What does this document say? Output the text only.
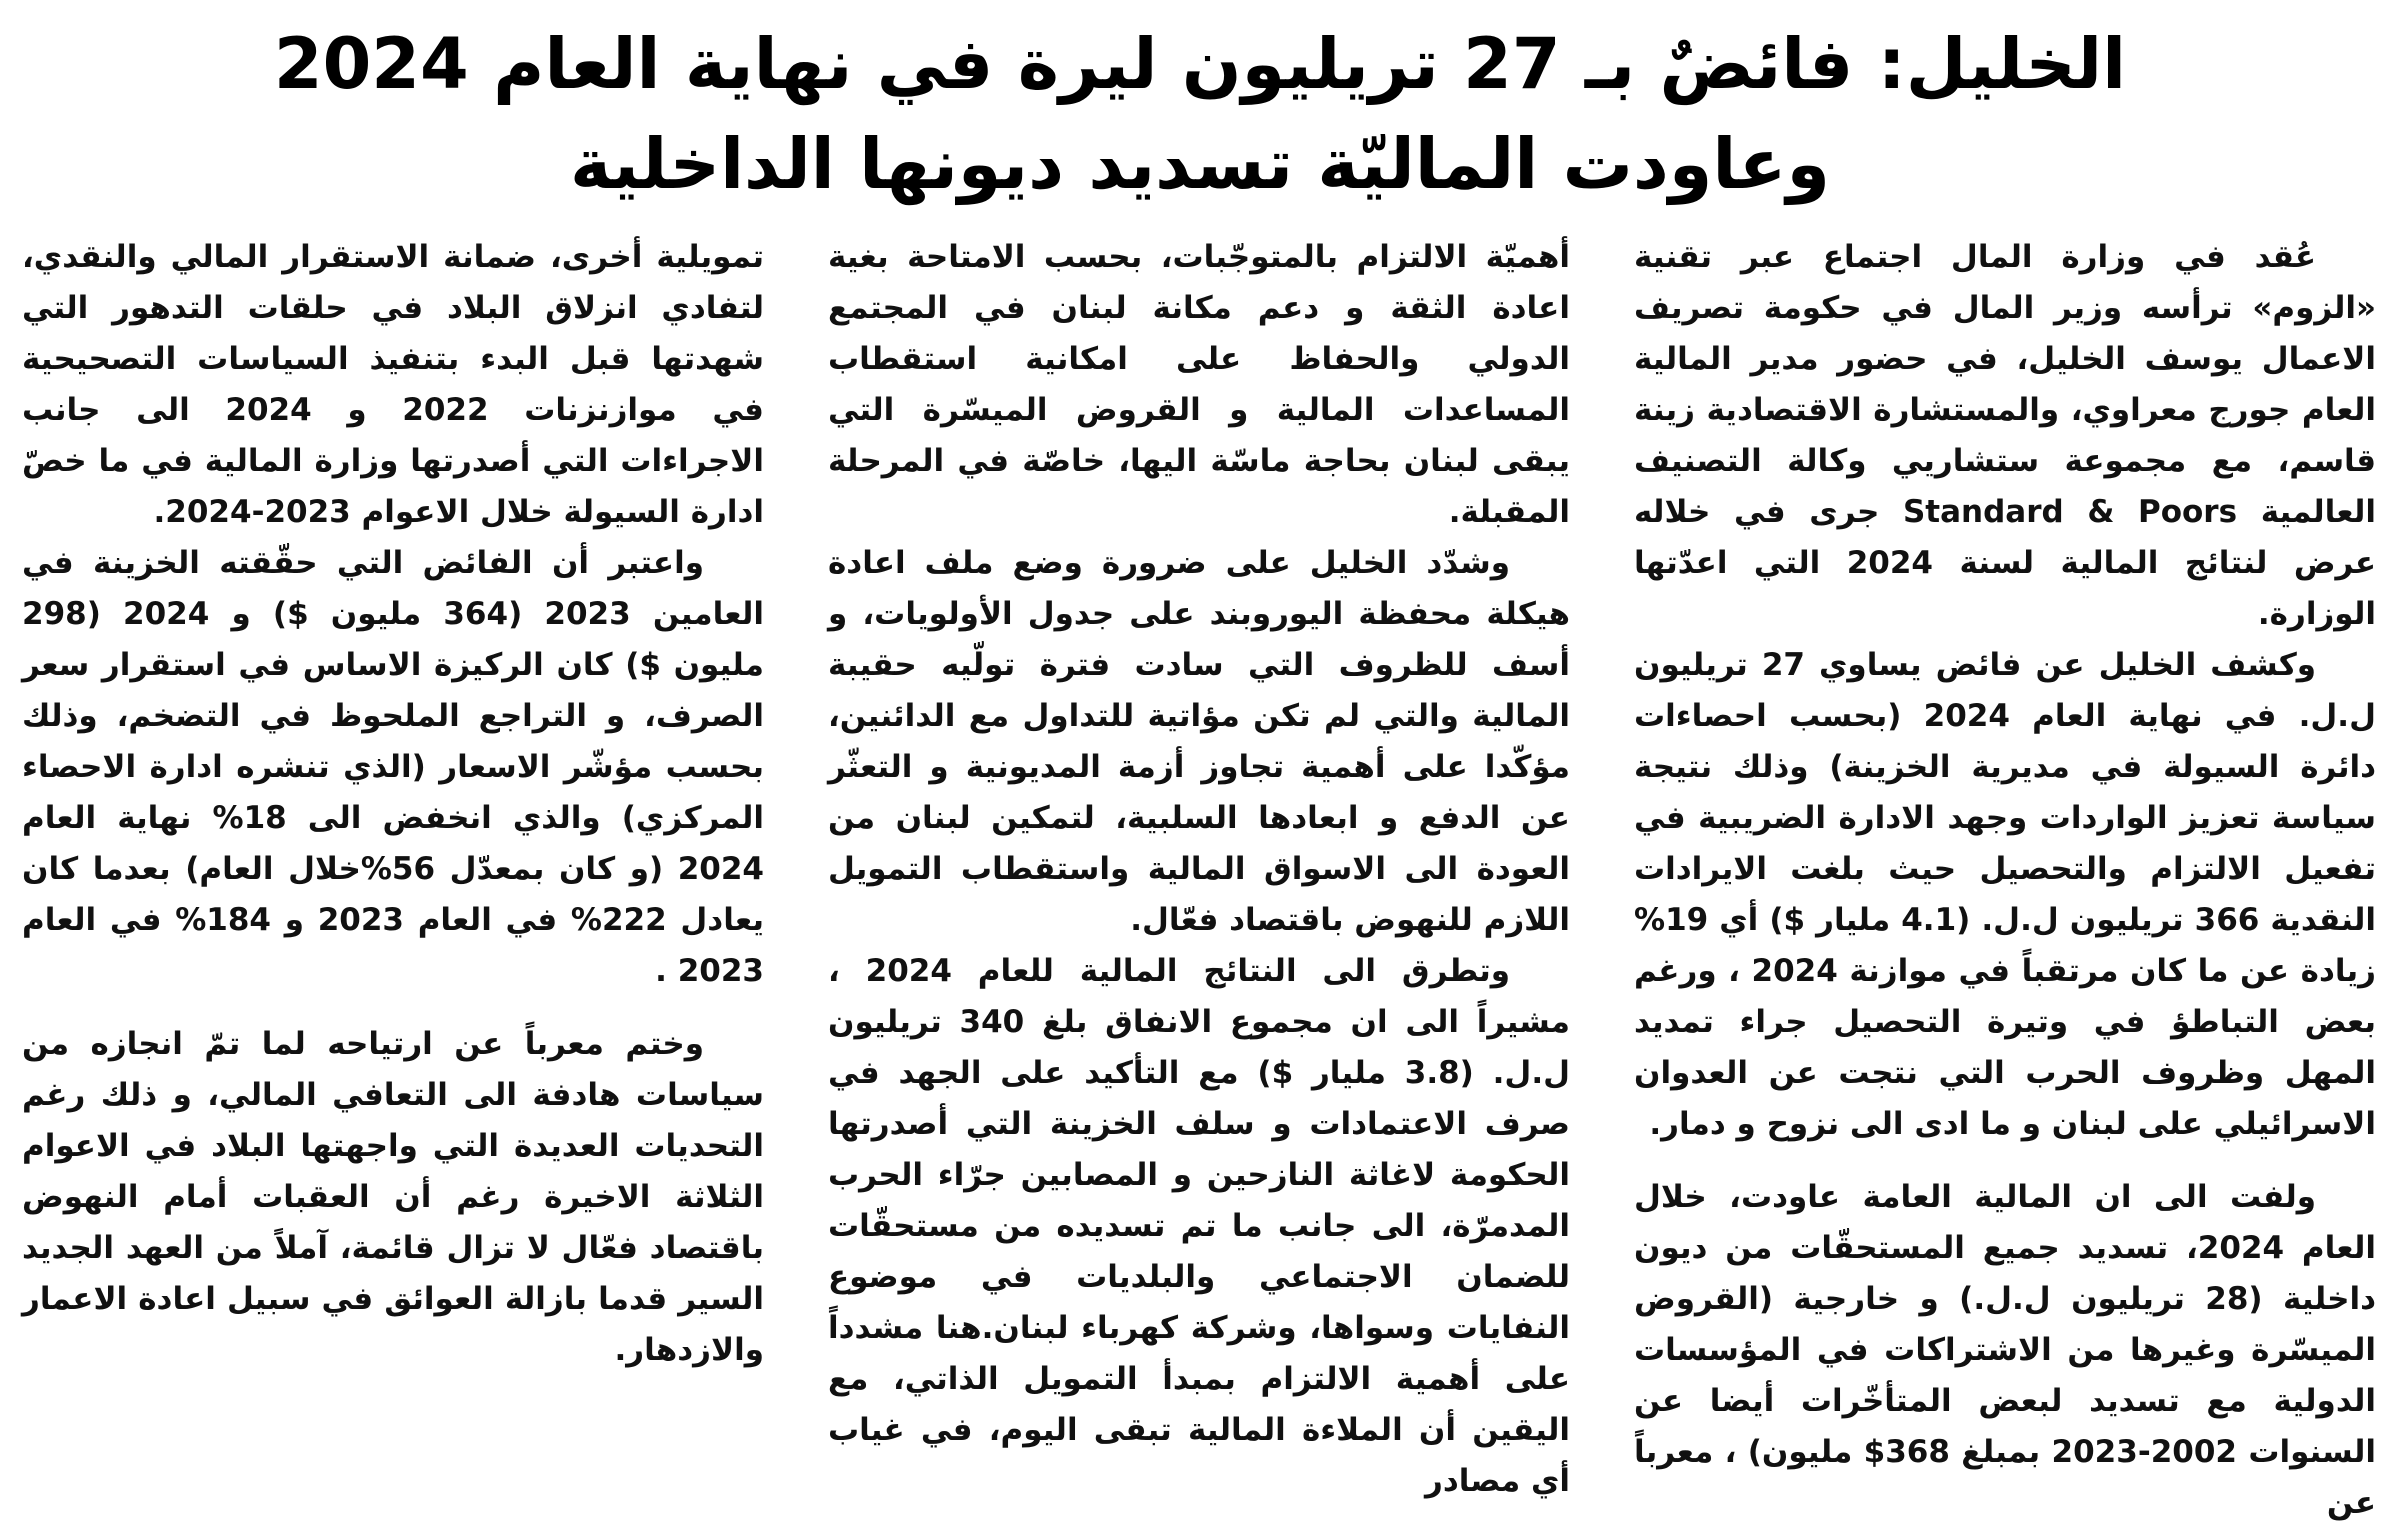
الخليل: فائضٌ بـ 27 تريليون ليرة في نهاية العام 2024
وعاودت الماليّة تسديد ديونها الداخلية

عُقد في وزارة المال اجتماع عبر تقنية «الزوم» ترأسه وزير المال في حكومة تصريف الاعمال يوسف الخليل، في حضور مدير المالية العام جورج معراوي، والمستشارة الاقتصادية زينة قاسم، مع مجموعة ستشاريي وكالة التصنيف العالمية Standard & Poors جرى في خلاله عرض لنتائج المالية لسنة 2024 التي اعدّتها الوزارة.

وكشف الخليل عن فائض يساوي 27 تريليون ل.ل. في نهاية العام 2024 (بحسب احصاءات دائرة السيولة في مديرية الخزينة) وذلك نتيجة سياسة تعزيز الواردات وجهد الادارة الضريبية في تفعيل الالتزام والتحصيل حيث بلغت الايرادات النقدية 366 تريليون ل.ل. (4.1 مليار $) أي 19% زيادة عن ما كان مرتقباً في موازنة 2024 ، ورغم بعض التباطؤ في وتيرة التحصيل جراء تمديد المهل وظروف الحرب التي نتجت عن العدوان الاسرائيلي على لبنان و ما ادى الى نزوح و دمار.

ولفت الى ان المالية العامة عاودت، خلال العام 2024، تسديد جميع المستحقّات من ديون داخلية (28 تريليون ل.ل.) و خارجية (القروض الميسّرة وغيرها من الاشتراكات في المؤسسات الدولية مع تسديد لبعض المتأخّرات أيضا عن السنوات 2002-2023 بمبلغ 368$ مليون) ، معرباً عن

أهميّة الالتزام بالمتوجّبات، بحسب الامتاحة بغية اعادة الثقة و دعم مكانة لبنان في المجتمع الدولي والحفاظ على امكانية استقطاب المساعدات المالية و القروض الميسّرة التي يبقى لبنان بحاجة ماسّة اليها، خاصّة في المرحلة المقبلة.

وشدّد الخليل على ضرورة وضع ملف اعادة هيكلة محفظة اليوروبند على جدول الأولويات، و أسف للظروف التي سادت فترة تولّيه حقيبة المالية والتي لم تكن مؤاتية للتداول مع الدائنين، مؤكّدا على أهمية تجاوز أزمة المديونية و التعثّر عن الدفع و ابعادها السلبية، لتمكين لبنان من العودة الى الاسواق المالية واستقطاب التمويل اللازم للنهوض باقتصاد فعّال.

وتطرق الى النتائج المالية للعام 2024 ، مشيراً الى ان مجموع الانفاق بلغ 340 تريليون ل.ل. (3.8 مليار $) مع التأكيد على الجهد في صرف الاعتمادات و سلف الخزينة التي أصدرتها الحكومة لاغاثة النازحين و المصابين جرّاء الحرب المدمرّة، الى جانب ما تم تسديده من مستحقّات للضمان الاجتماعي والبلديات في موضوع النفايات وسواها، وشركة كهرباء لبنان.هنا مشدداً على أهمية الالتزام بمبدأ التمويل الذاتي، مع اليقين أن الملاءة المالية تبقى اليوم، في غياب أي مصادر

تمويلية أخرى، ضمانة الاستقرار المالي والنقدي، لتفادي انزلاق البلاد في حلقات التدهور التي شهدتها قبل البدء بتنفيذ السياسات التصحيحية في موازنزنات 2022 و 2024 الى جانب الاجراءات التي أصدرتها وزارة المالية في ما خصّ ادارة السيولة خلال الاعوام 2023-2024.

واعتبر أن الفائض التي حقّقته الخزينة في العامين 2023 (364 مليون $) و 2024 (298 مليون $) كان الركيزة الاساس في استقرار سعر الصرف، و التراجع الملحوظ في التضخم، وذلك بحسب مؤشّر الاسعار (الذي تنشره ادارة الاحصاء المركزي) والذي انخفض الى 18% نهاية العام 2024 (و كان بمعدّل 56%خلال العام) بعدما كان يعادل 222% في العام 2023 و 184% في العام 2023 .

وختم معرباً عن ارتياحه لما تمّ انجازه من سياسات هادفة الى التعافي المالي، و ذلك رغم التحديات العديدة التي واجهتها البلاد في الاعوام الثلاثة الاخيرة رغم أن العقبات أمام النهوض باقتصاد فعّال لا تزال قائمة، آملاً من العهد الجديد السير قدما بازالة العوائق في سبيل اعادة الاعمار والازدهار.
